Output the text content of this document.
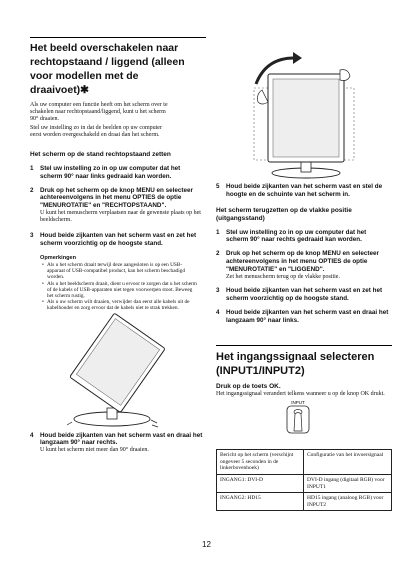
Het beeld overschakelen naar rechtopstaand / liggend (alleen voor modellen met de draaivoet)✱
Als uw computer een functie heeft om het scherm over te schakelen naar rechtopstaand/liggend, kunt u het scherm 90° draaien.
Stel uw instelling zo in dat de beelden op uw computer eerst worden overgeschakeld en draai dan het scherm.
Het scherm op de stand rechtopstaand zetten
1	Stel uw instelling zo in op uw computer dat het scherm 90° naar links gedraaid kan worden.
2	Druk op het scherm op de knop MENU en selecteer achtereenvolgens in het menu OPTIES de optie "MENUROTATIE" en "RECHTOPSTAAND".
U kunt het menuscherm verplaatsen naar de gewenste plaats op het beeldscherm.
3	Houd beide zijkanten van het scherm vast en zet het scherm voorzichtig op de hoogste stand.
Opmerkingen
• Als u het scherm draait terwijl deze aangesloten is op een USB-apparaat of USB-compatibel product, kan het scherm beschadigd worden.
• Als u het beeldscherm draait, dient u ervoor te zorgen dat u het scherm of de kabels of USB-apparaten niet tegen voorwerpen stoot. Beweeg het scherm rustig.
• Als u uw scherm wilt draaien, verwijder dan eerst alle kabels uit de kabelhouder en zorg ervoor dat de kabels niet te strak trekken.
4	Houd beide zijkanten van het scherm vast en draai het langzaam 90° naar rechts.
U kunt het scherm niet meer dan 90° draaien.
5	Houd beide zijkanten van het scherm vast en stel de hoogte en de schuinte van het scherm in.
Het scherm terugzetten op de vlakke positie (uitgangsstand)
1	Stel uw instelling zo in op uw computer dat het scherm 90° naar rechts gedraaid kan worden.
2	Druk op het scherm op de knop MENU en selecteer achtereenvolgens in het menu OPTIES de optie "MENUROTATIE" en "LIGGEND".
Zet het menuscherm terug op de vlakke positie.
3	Houd beide zijkanten van het scherm vast en zet het scherm voorzichtig op de hoogste stand.
4	Houd beide zijkanten van het scherm vast en draai het langzaam 90° naar links.
Het ingangssignaal selecteren (INPUT1/INPUT2)
Druk op de toets OK.
Het ingangssignaal verandert telkens wanneer u op de knop OK drukt.
INPUT
Bericht op het scherm (verschijnt ongeveer 5 seconden in de linkerbovenhoek)	Configuratie van het invoersignaal
INGANG1: DVI-D	DVI-D ingang (digitaal RGB) voor INPUT1
INGANG2: HD15	HD15 ingang (analoog RGB) voor INPUT2
12
